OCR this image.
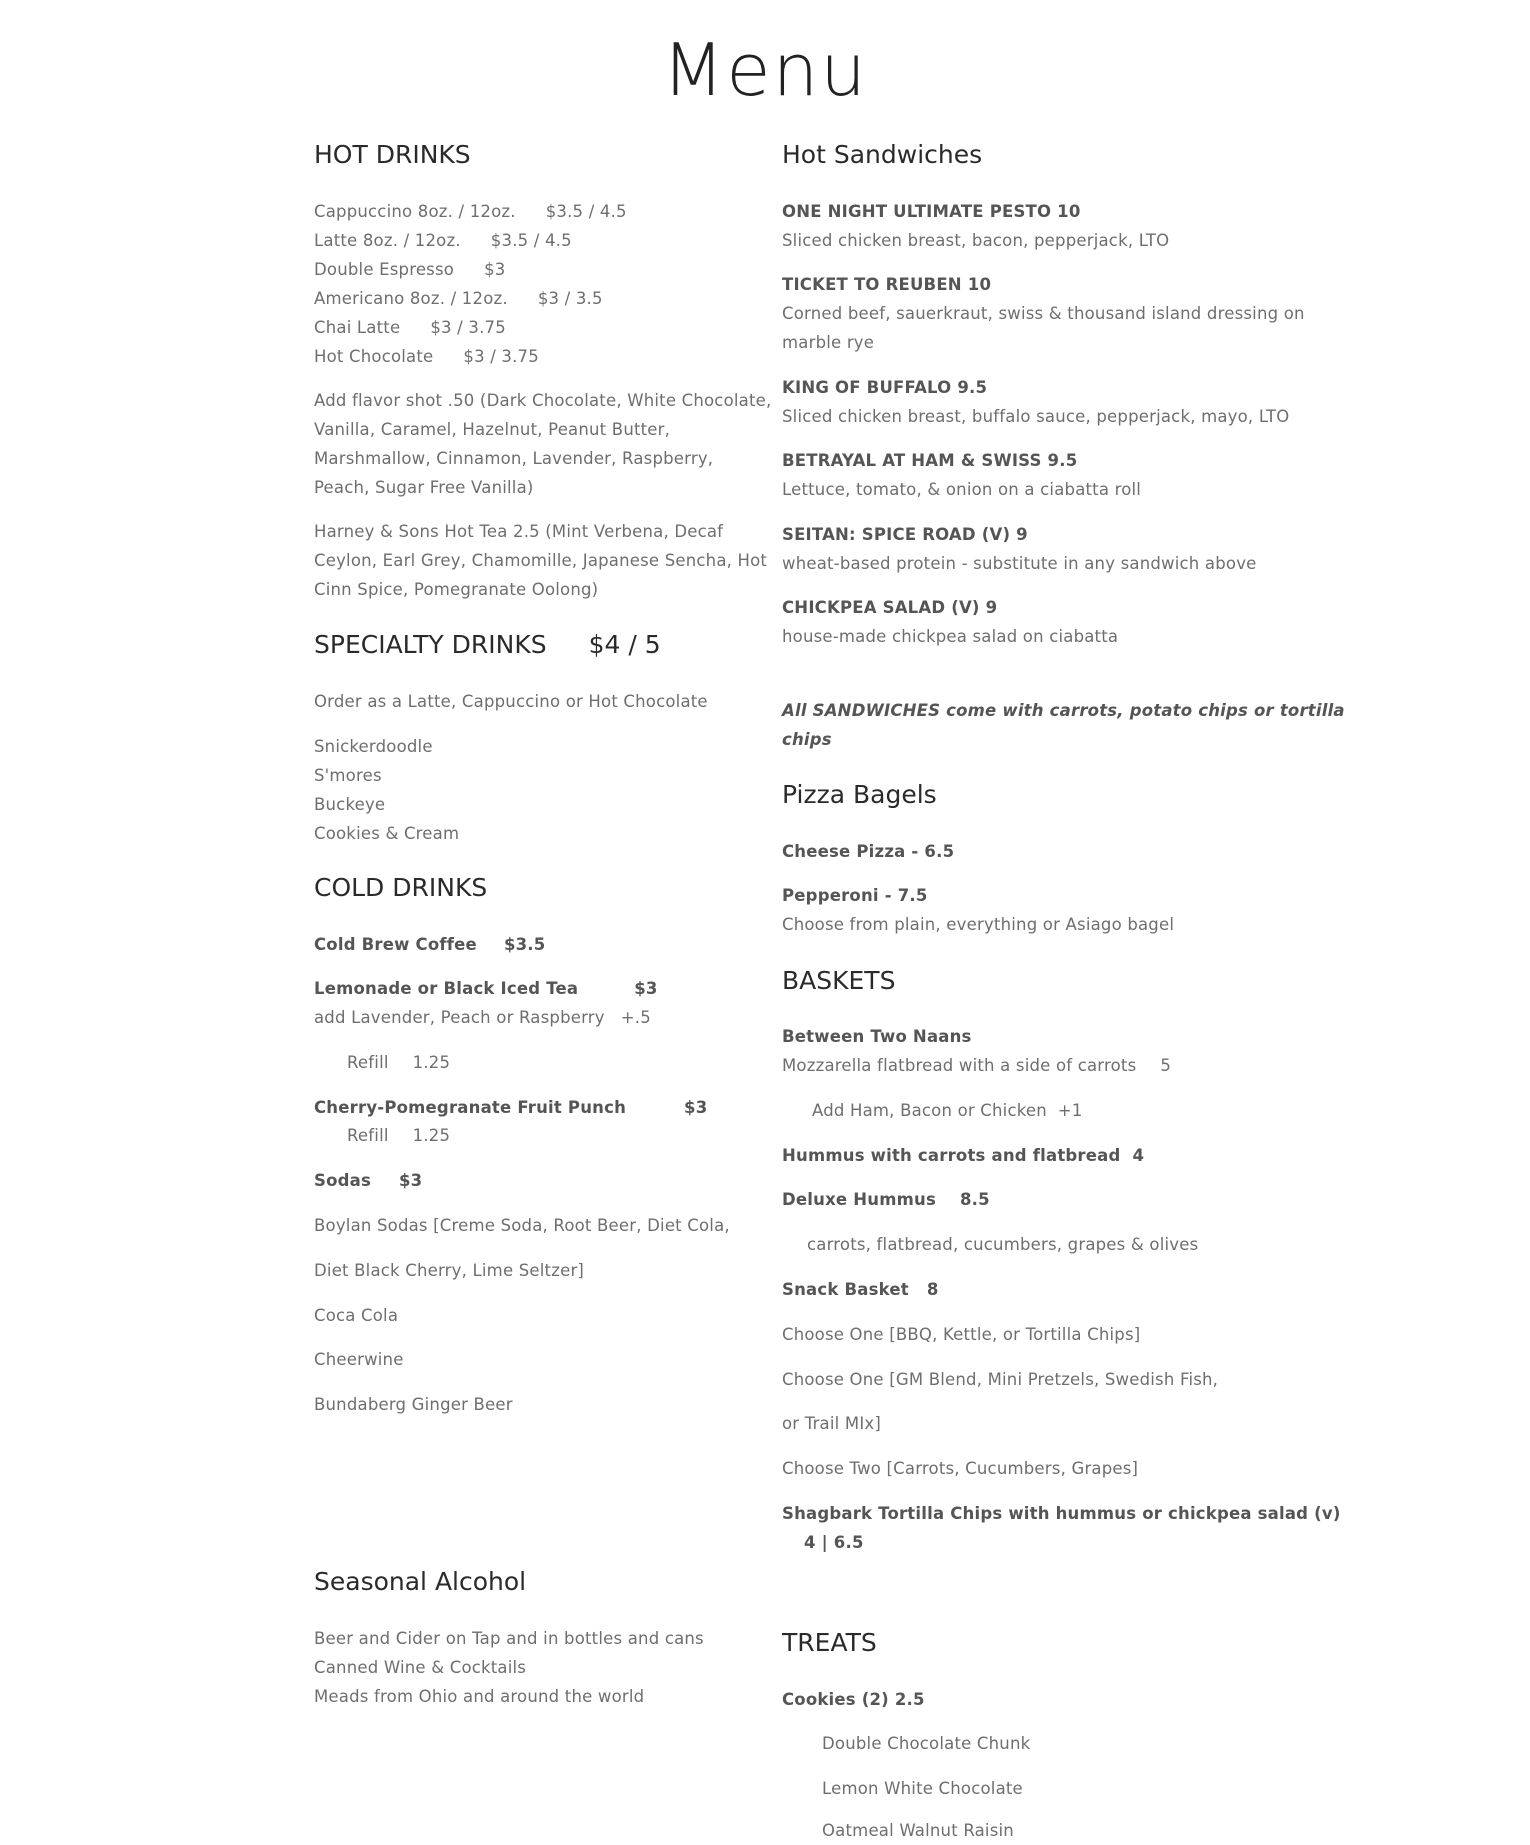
Menu
HOT DRINKS
Cappuccino 8oz. / 12oz. $3.5 / 4.5
Latte 8oz. / 12oz. $3.5 / 4.5
Double Espresso $3
Americano 8oz. / 12oz. $3 / 3.5
Chai Latte $3 / 3.75
Hot Chocolate $3 / 3.75
Add flavor shot .50 (Dark Chocolate, White Chocolate,
Vanilla, Caramel, Hazelnut, Peanut Butter,
Marshmallow, Cinnamon, Lavender, Raspberry,
Peach, Sugar Free Vanilla)
Harney & Sons Hot Tea 2.5 (Mint Verbena, Decaf
Ceylon, Earl Grey, Chamomille, Japanese Sencha, Hot
Cinn Spice, Pomegranate Oolong)
SPECIALTY DRINKS $4 / 5
Order as a Latte, Cappuccino or Hot Chocolate
Snickerdoodle
S'mores
Buckeye
Cookies & Cream
COLD DRINKS
Cold Brew Coffee $3.5
Lemonade or Black Iced Tea	$3
add Lavender, Peach or Raspberry +.5
Refill 1.25
Cherry-Pomegranate Fruit Punch	$3
Refill 1.25
Sodas $3
Boylan Sodas [Creme Soda, Root Beer, Diet Cola,
Diet Black Cherry, Lime Seltzer]
Coca Cola
Cheerwine
Bundaberg Ginger Beer
Seasonal Alcohol
Beer and Cider on Tap and in bottles and cans
Canned Wine & Cocktails
Meads from Ohio and around the world
Hot Sandwiches
ONE NIGHT ULTIMATE PESTO 10
Sliced chicken breast, bacon, pepperjack, LTO
TICKET TO REUBEN 10
Corned beef, sauerkraut, swiss & thousand island dressing on
marble rye
KING OF BUFFALO 9.5
Sliced chicken breast, buffalo sauce, pepperjack, mayo, LTO
BETRAYAL AT HAM & SWISS 9.5
Lettuce, tomato, & onion on a ciabatta roll
SEITAN: SPICE ROAD (V) 9
wheat-based protein - substitute in any sandwich above
CHICKPEA SALAD (V) 9
house-made chickpea salad on ciabatta
All SANDWICHES come with carrots, potato chips or tortilla
chips
Pizza Bagels
Cheese Pizza - 6.5
Pepperoni - 7.5
Choose from plain, everything or Asiago bagel
BASKETS
Between Two Naans
Mozzarella flatbread with a side of carrots 5
Add Ham, Bacon or Chicken  +1
Hummus with carrots and flatbread 4
Deluxe Hummus 8.5
carrots, flatbread, cucumbers, grapes & olives
Snack Basket 8
Choose One [BBQ, Kettle, or Tortilla Chips]
Choose One [GM Blend, Mini Pretzels, Swedish Fish,
or Trail MIx]
Choose Two [Carrots, Cucumbers, Grapes]
Shagbark Tortilla Chips with hummus or chickpea salad (v)
4 | 6.5
TREATS
Cookies (2) 2.5
Double Chocolate Chunk
Lemon White Chocolate
Oatmeal Walnut Raisin
